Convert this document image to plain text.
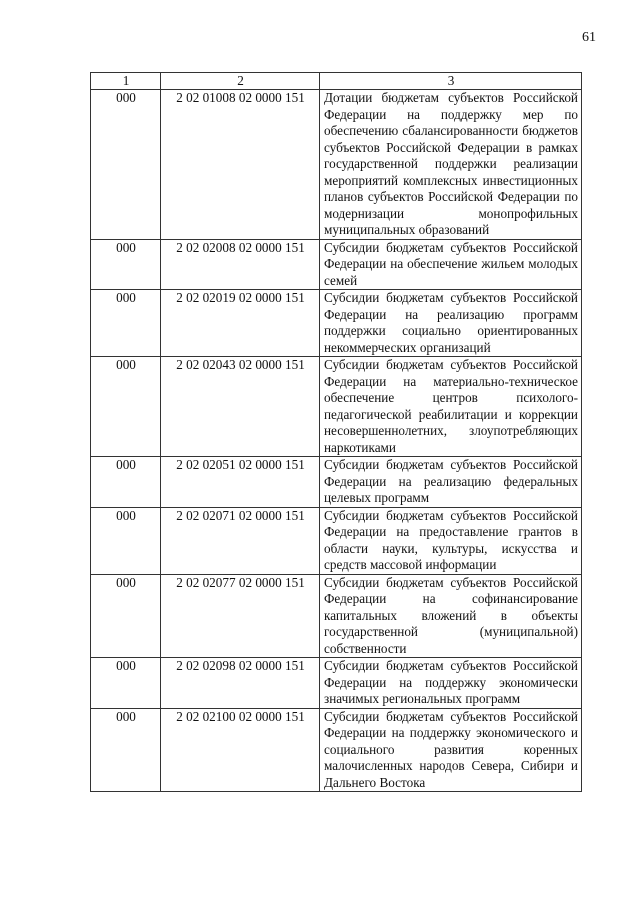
61
1	2	3
000	2 02 01008 02 0000 151	Дотации бюджетам субъектов Российской Федерации на поддержку мер по обеспечению сбалансированности бюджетов субъектов Российской Федерации в рамках государственной поддержки реализации мероприятий комплексных инвестиционных планов субъектов Российской Федерации по модернизации монопрофильных муниципальных образований
000	2 02 02008 02 0000 151	Субсидии бюджетам субъектов Российской Федерации на обеспечение жильем молодых семей
000	2 02 02019 02 0000 151	Субсидии бюджетам субъектов Российской Федерации на реализацию программ поддержки социально ориентированных некоммерческих организаций
000	2 02 02043 02 0000 151	Субсидии бюджетам субъектов Российской Федерации на материально-техническое обеспечение центров психолого-педагогической реабилитации и коррекции несовершеннолетних, злоупотребляющих наркотиками
000	2 02 02051 02 0000 151	Субсидии бюджетам субъектов Российской Федерации на реализацию федеральных целевых программ
000	2 02 02071 02 0000 151	Субсидии бюджетам субъектов Российской Федерации на предоставление грантов в области науки, культуры, искусства и средств массовой информации
000	2 02 02077 02 0000 151	Субсидии бюджетам субъектов Российской Федерации на софинансирование капитальных вложений в объекты государственной (муниципальной) собственности
000	2 02 02098 02 0000 151	Субсидии бюджетам субъектов Российской Федерации на поддержку экономически значимых региональных программ
000	2 02 02100 02 0000 151	Субсидии бюджетам субъектов Российской Федерации на поддержку экономического и социального развития коренных малочисленных народов Севера, Сибири и Дальнего Востока
